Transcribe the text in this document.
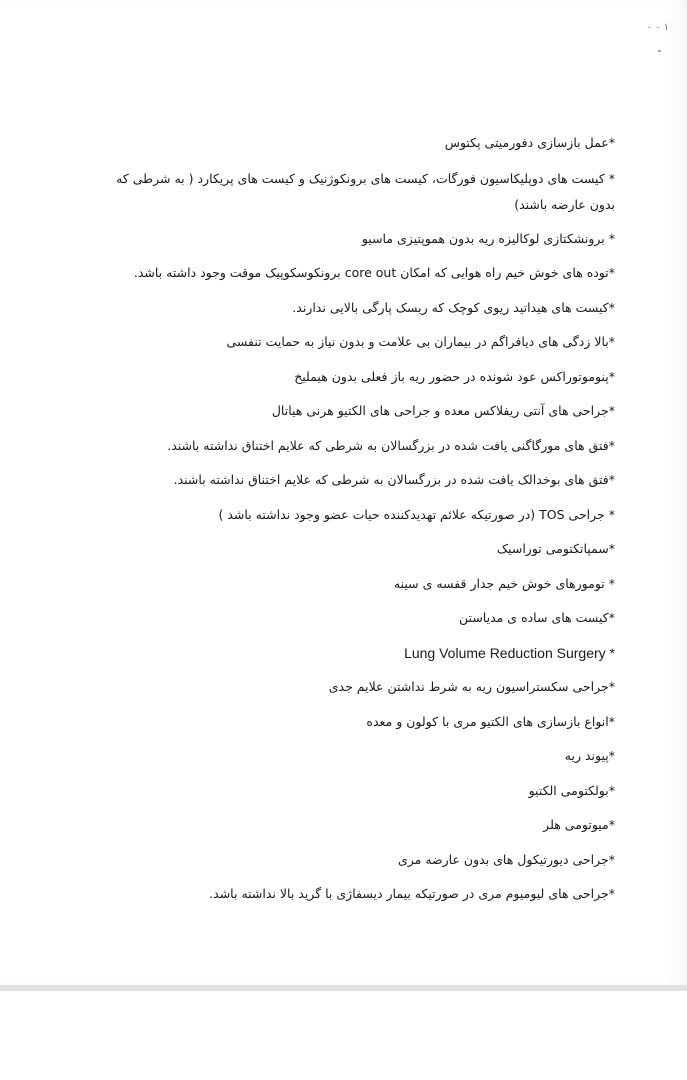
۰ ۰ ۱
*عمل بازسازی دفورمیتی پکتوس
* کیست های دوپلیکاسیون فورگات، کیست های برونکوژنیک و کیست های پریکارد ( به شرطی که بدون عارضه باشند)
* برونشکتازی لوکالیزه ریه بدون هموپتیزی ماسیو
*توده های خوش خیم راه هوایی که امکان core out برونکوسکوپیک موقت وجود داشته باشد.
*کیست های هیداتید ریوی کوچک که ریسک پارگی بالایی ندارند.
*بالا زدگی های دیافراگم در بیماران بی علامت و بدون نیاز به حمایت تنفسی
*پنوموتوراکس عود شونده در حضور ریه باز فعلی بدون هیملیخ
*جراحی های آنتی ریفلاکس معده و جراحی های الکتیو هرنی هیاتال
*فتق های مورگاگنی یافت شده در بزرگسالان به شرطی که علایم اختناق نداشته باشند.
*فتق های بوخدالک یافت شده در بزرگسالان به شرطی که علایم اختناق نداشته باشند.
* جراحی TOS (در صورتیکه علائم تهدیدکننده حیات عضو وجود نداشته باشد )
*سمپاتکتومی توراسیک
* تومورهای خوش خیم جدار قفسه ی سینه
*کیست های ساده ی مدیاستن
* Lung Volume Reduction Surgery
*جراحی سکستراسیون ریه به شرط نداشتن علایم جدی
*انواع بازسازی های الکتیو مری با کولون و معده
*پیوند ریه
*بولکتومی الکتیو
*میوتومی هلر
*جراحی دیورتیکول های بدون عارضه مری
*جراحی های لیومیوم مری در صورتیکه بیمار دیسفاژی با گرید بالا نداشته باشد.
